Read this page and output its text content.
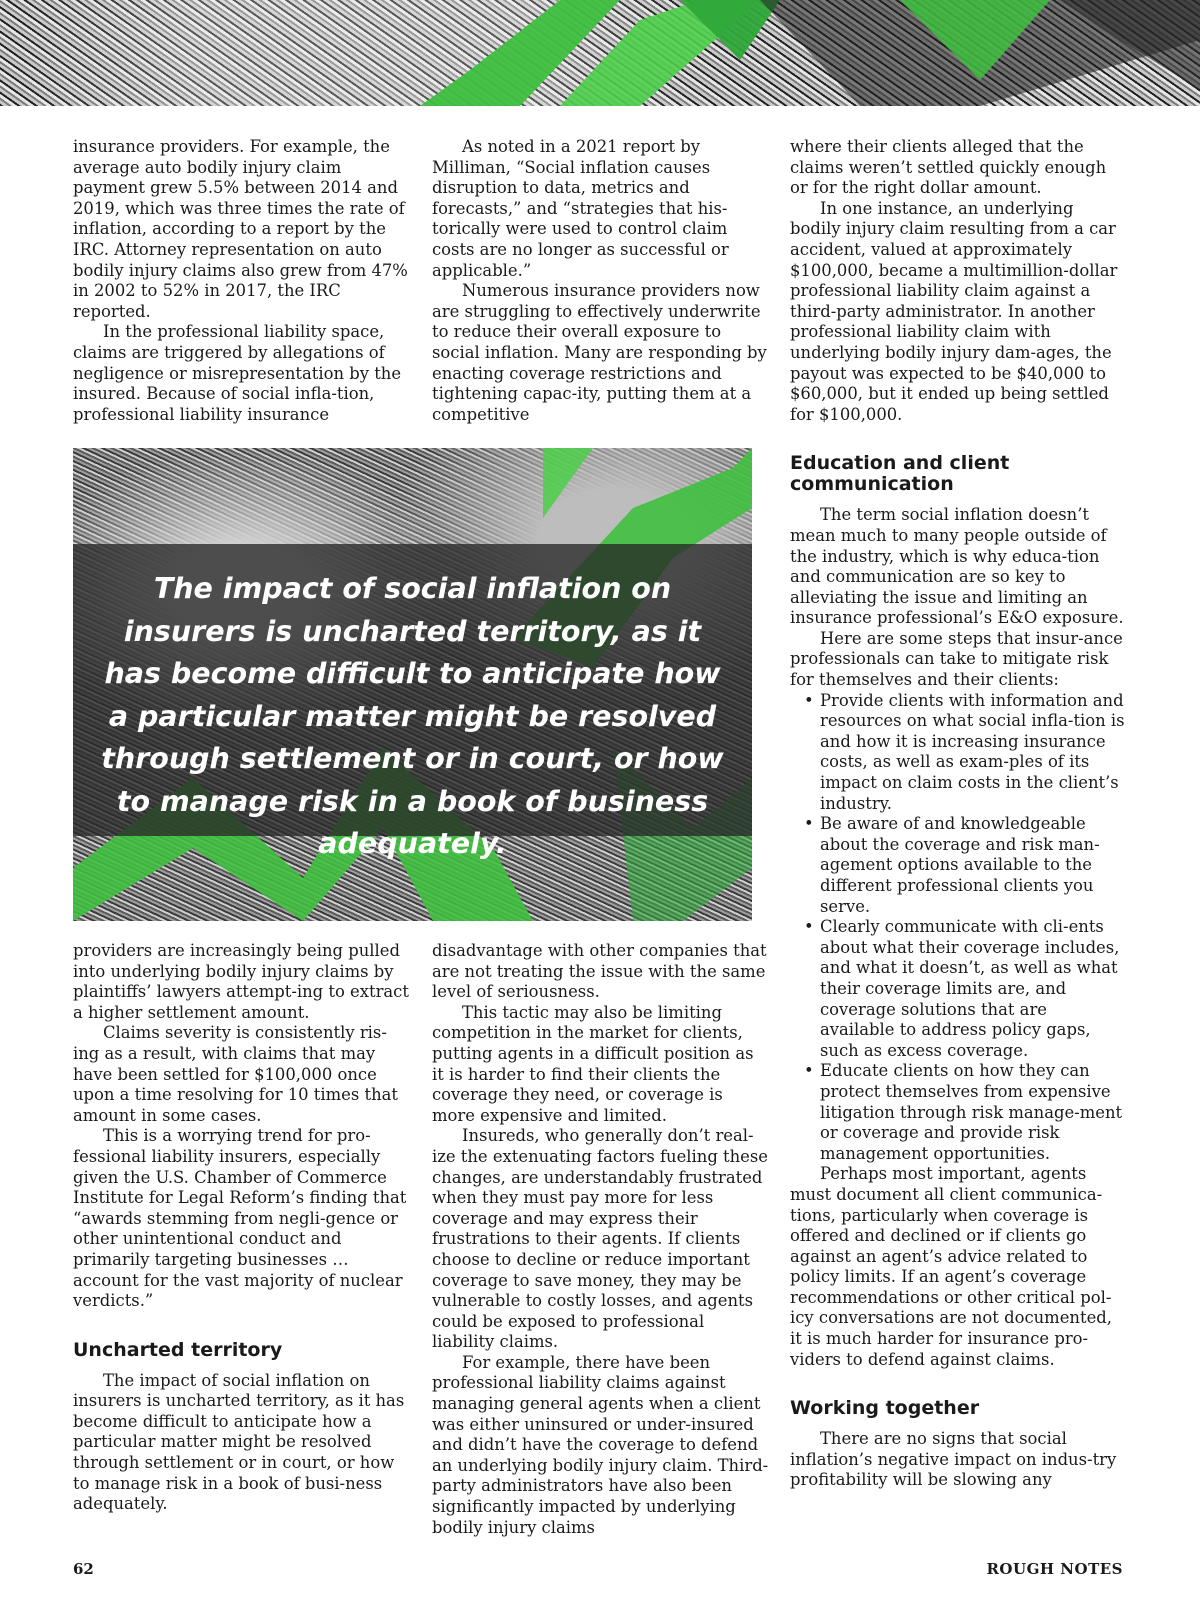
insurance providers. For example, the average auto bodily injury claim payment grew 5.5% between 2014 and 2019, which was three times the rate of inflation, according to a report by the IRC. Attorney representation on auto bodily injury claims also grew from 47% in 2002 to 52% in 2017, the IRC reported.

In the professional liability space, claims are triggered by allegations of negligence or misrepresentation by the insured. Because of social infla-tion, professional liability insurance

As noted in a 2021 report by Milliman, “Social inflation causes disruption to data, metrics and forecasts,” and “strategies that his-torically were used to control claim costs are no longer as successful or applicable.”

Numerous insurance providers now are struggling to effectively underwrite to reduce their overall exposure to social inflation. Many are responding by enacting coverage restrictions and tightening capac-ity, putting them at a competitive

where their clients alleged that the claims weren’t settled quickly enough or for the right dollar amount.

In one instance, an underlying bodily injury claim resulting from a car accident, valued at approximately $100,000, became a multimillion-dollar professional liability claim against a third-party administrator. In another professional liability claim with underlying bodily injury dam-ages, the payout was expected to be $40,000 to $60,000, but it ended up being settled for $100,000.

Education and client communication

The term social inflation doesn’t mean much to many people outside of the industry, which is why educa-tion and communication are so key to alleviating the issue and limiting an insurance professional’s E&O exposure.

Here are some steps that insur-ance professionals can take to mitigate risk for themselves and their clients:

• Provide clients with information and resources on what social infla-tion is and how it is increasing insurance costs, as well as exam-ples of its impact on claim costs in the client’s industry.
• Be aware of and knowledgeable about the coverage and risk man-agement options available to the different professional clients you serve.
• Clearly communicate with cli-ents about what their coverage includes, and what it doesn’t, as well as what their coverage limits are, and coverage solutions that are available to address policy gaps, such as excess coverage.
• Educate clients on how they can protect themselves from expensive litigation through risk manage-ment or coverage and provide risk management opportunities.

Perhaps most important, agents must document all client communica-tions, particularly when coverage is offered and declined or if clients go against an agent’s advice related to policy limits. If an agent’s coverage recommendations or other critical pol-icy conversations are not documented, it is much harder for insurance pro-viders to defend against claims.

Working together

There are no signs that social inflation’s negative impact on indus-try profitability will be slowing any

The impact of social inflation on insurers is uncharted territory, as it has become difficult to anticipate how a particular matter might be resolved through settlement or in court, or how to manage risk in a book of business adequately.

providers are increasingly being pulled into underlying bodily injury claims by plaintiffs’ lawyers attempt-ing to extract a higher settlement amount.

Claims severity is consistently ris-ing as a result, with claims that may have been settled for $100,000 once upon a time resolving for 10 times that amount in some cases.

This is a worrying trend for pro-fessional liability insurers, especially given the U.S. Chamber of Commerce Institute for Legal Reform’s finding that “awards stemming from negli-gence or other unintentional conduct and primarily targeting businesses … account for the vast majority of nuclear verdicts.”

Uncharted territory

The impact of social inflation on insurers is uncharted territory, as it has become difficult to anticipate how a particular matter might be resolved through settlement or in court, or how to manage risk in a book of busi-ness adequately.

disadvantage with other companies that are not treating the issue with the same level of seriousness.

This tactic may also be limiting competition in the market for clients, putting agents in a difficult position as it is harder to find their clients the coverage they need, or coverage is more expensive and limited.

Insureds, who generally don’t real-ize the extenuating factors fueling these changes, are understandably frustrated when they must pay more for less coverage and may express their frustrations to their agents. If clients choose to decline or reduce important coverage to save money, they may be vulnerable to costly losses, and agents could be exposed to professional liability claims.

For example, there have been professional liability claims against managing general agents when a client was either uninsured or under-insured and didn’t have the coverage to defend an underlying bodily injury claim. Third-party administrators have also been significantly impacted by underlying bodily injury claims

62	ROUGH NOTES
